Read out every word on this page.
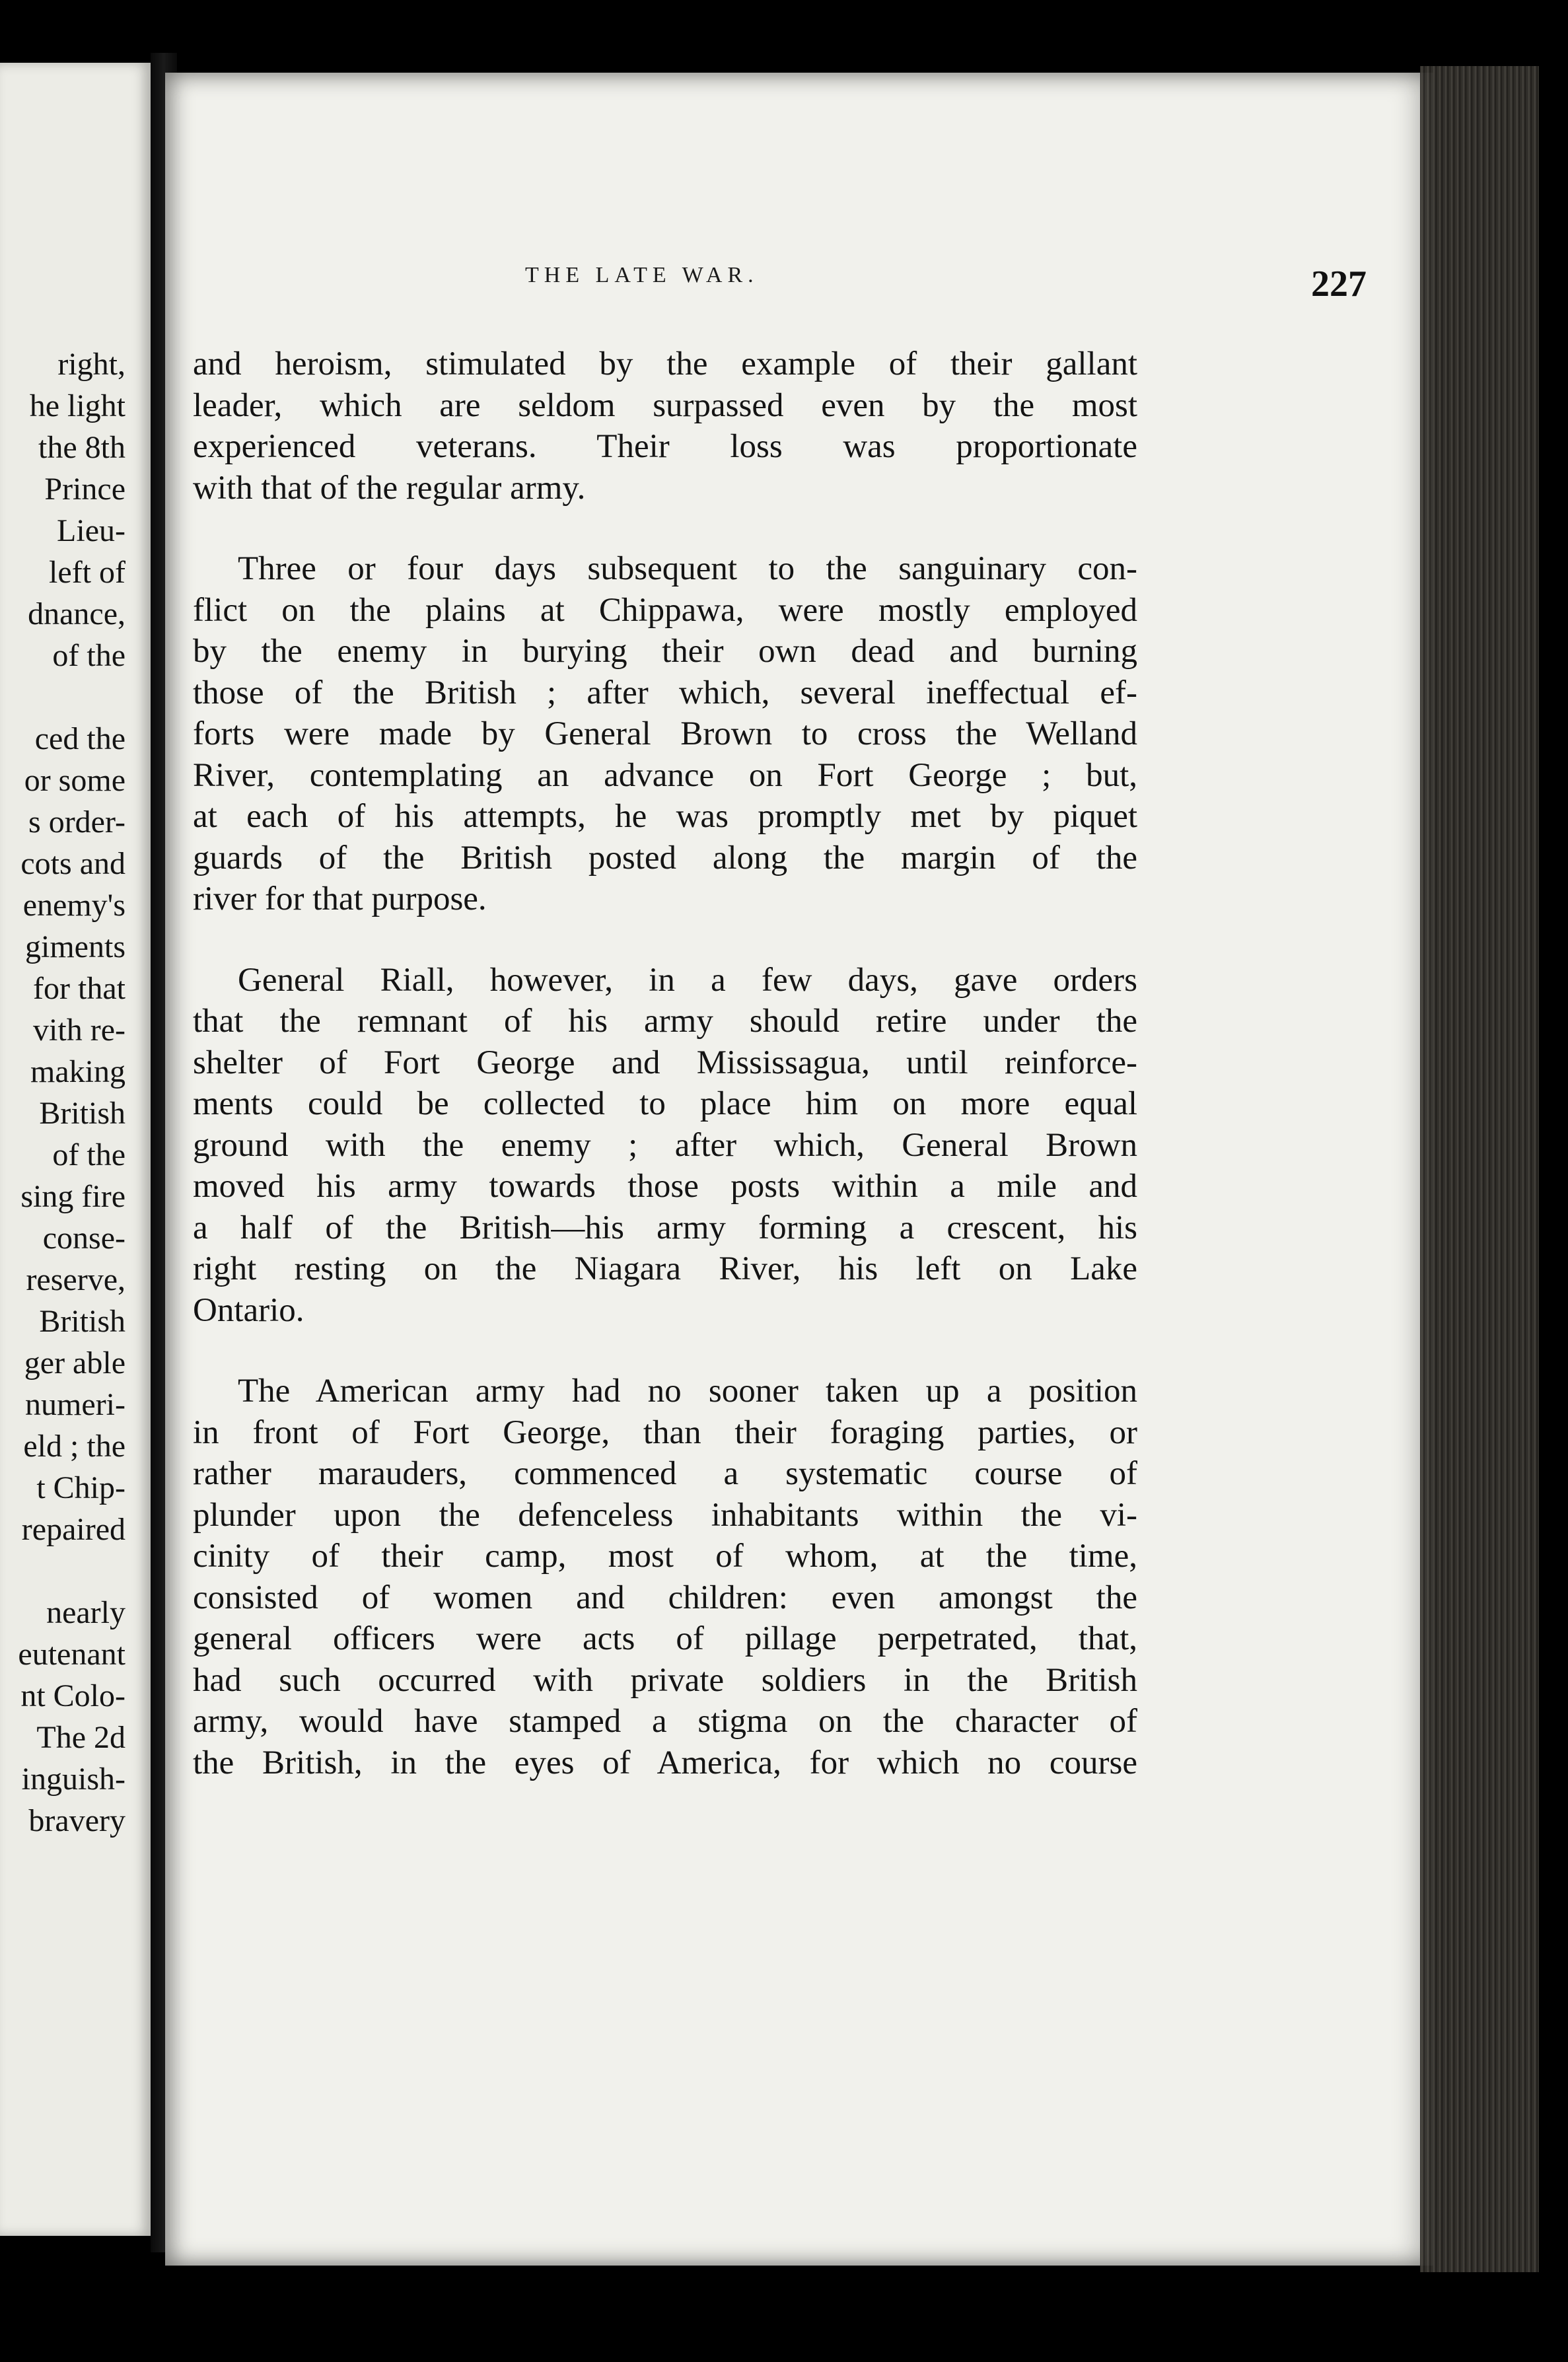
right,
he light
the 8th
Prince
Lieu-
left of
dnance,
of the
ced the
or some
s order-
cots and
enemy's
giments
for that
vith re-
making
British
of the
sing fire
conse-
reserve,
British
ger able
numeri-
eld ; the
t Chip-
repaired
nearly
eutenant
nt Colo-
The 2d
inguish-
bravery
THE LATE WAR.	227
and heroism, stimulated by the example of their gallant
leader, which are seldom surpassed even by the most
experienced veterans. Their loss was proportionate
with that of the regular army.
Three or four days subsequent to the sanguinary con-
flict on the plains at Chippawa, were mostly employed
by the enemy in burying their own dead and burning
those of the British ; after which, several ineffectual ef-
forts were made by General Brown to cross the Welland
River, contemplating an advance on Fort George ; but,
at each of his attempts, he was promptly met by piquet
guards of the British posted along the margin of the
river for that purpose.
General Riall, however, in a few days, gave orders
that the remnant of his army should retire under the
shelter of Fort George and Mississagua, until reinforce-
ments could be collected to place him on more equal
ground with the enemy ; after which, General Brown
moved his army towards those posts within a mile and
a half of the British—his army forming a crescent, his
right resting on the Niagara River, his left on Lake
Ontario.
The American army had no sooner taken up a position
in front of Fort George, than their foraging parties, or
rather marauders, commenced a systematic course of
plunder upon the defenceless inhabitants within the vi-
cinity of their camp, most of whom, at the time,
consisted of women and children: even amongst the
general officers were acts of pillage perpetrated, that,
had such occurred with private soldiers in the British
army, would have stamped a stigma on the character of
the British, in the eyes of America, for which no course
